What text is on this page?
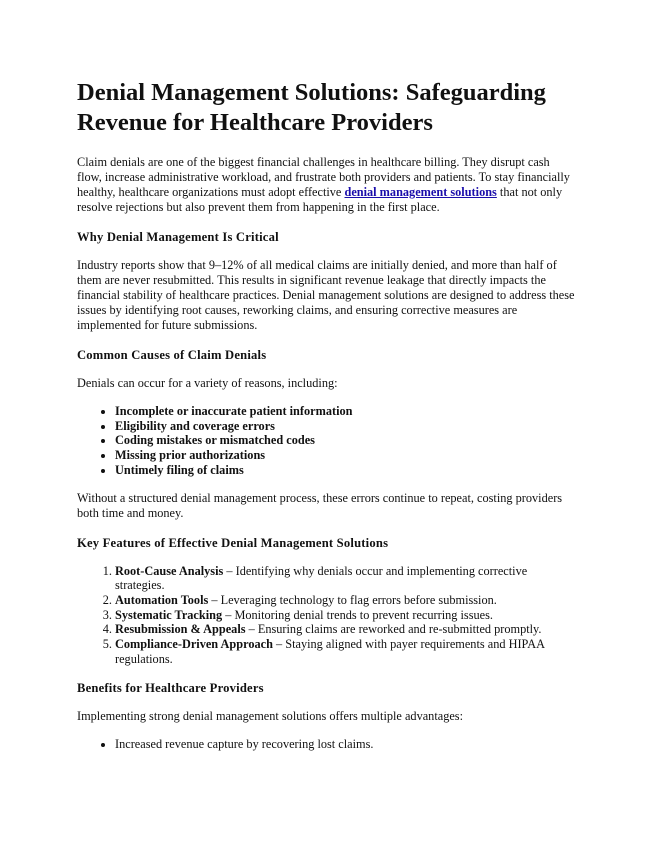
Denial Management Solutions: Safeguarding Revenue for Healthcare Providers

Claim denials are one of the biggest financial challenges in healthcare billing. They disrupt cash flow, increase administrative workload, and frustrate both providers and patients. To stay financially healthy, healthcare organizations must adopt effective denial management solutions that not only resolve rejections but also prevent them from happening in the first place.

Why Denial Management Is Critical

Industry reports show that 9–12% of all medical claims are initially denied, and more than half of them are never resubmitted. This results in significant revenue leakage that directly impacts the financial stability of healthcare practices. Denial management solutions are designed to address these issues by identifying root causes, reworking claims, and ensuring corrective measures are implemented for future submissions.

Common Causes of Claim Denials

Denials can occur for a variety of reasons, including:

• Incomplete or inaccurate patient information
• Eligibility and coverage errors
• Coding mistakes or mismatched codes
• Missing prior authorizations
• Untimely filing of claims

Without a structured denial management process, these errors continue to repeat, costing providers both time and money.

Key Features of Effective Denial Management Solutions
1. Root-Cause Analysis – Identifying why denials occur and implementing corrective strategies.
2. Automation Tools – Leveraging technology to flag errors before submission.
3. Systematic Tracking – Monitoring denial trends to prevent recurring issues.
4. Resubmission & Appeals – Ensuring claims are reworked and re-submitted promptly.
5. Compliance-Driven Approach – Staying aligned with payer requirements and HIPAA regulations.
Benefits for Healthcare Providers

Implementing strong denial management solutions offers multiple advantages:

• Increased revenue capture by recovering lost claims.
